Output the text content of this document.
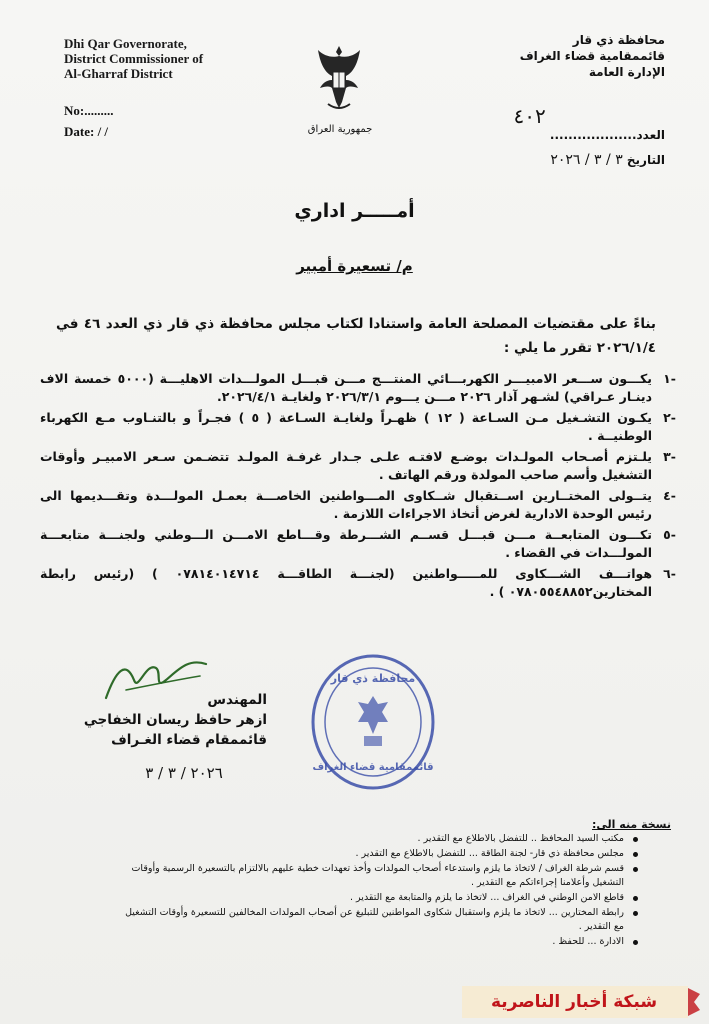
Dhi Qar Governorate,
District Commissioner of
Al-Gharraf District
No:.........
Date: / /	جمهورية العراق
محافظة ذي قار
قائممقامية قضاء الغراف
الإدارة العامة
العدد................... ٤٠٢
التاريخ ٣ / ٣ / ٢٠٢٦
أمـــــر اداري
م/ تسعيرة أمبير
بناءً على مقتضيات المصلحة العامة واستنادا لكتاب مجلس محافظة ذي قار ذي العدد ٤٦ في ٢٠٢٦/١/٤ تقرر ما يلي :
-١
يكـــون ســـعر الامبيـــر الكهربـــائي المنتـــج مـــن قبـــل المولـــدات الاهليـــة (٥٠٠٠ خمسة الاف دينـار عـراقي) لشـهر آذار ٢٠٢٦ مـــن يـــوم ٢٠٢٦/٣/١ ولغايـة ٢٠٢٦/٤/١.
-٢
يكـون التشـغيل مـن السـاعة ( ١٢ ) ظهـراً ولغايـة السـاعة ( ٥ ) فجـراً و بالتنـاوب مـع الكهرباء الوطنيــة .
-٣
يلـتزم أصـحاب المولـدات بوضـع لافتـه علـى جـدار غرفـة المولـد تتضـمن سـعر الامبيـر وأوقات التشغيل وأسم صاحب المولدة ورقم الهاتف .
-٤
يتــولى المختــارين اســتقبال شــكاوى المـــواطنين الخاصـــة بعمـل المولـــدة وتقـــديمها الى رئيس الوحدة الادارية لغرض أتخاذ الاجراءات اللازمة .
-٥
تكـــون المتابعــة مـــن قبـــل قســم الشـــرطة وقـــاطع الامـــن الـــوطني ولجنـــة متابعـــة المولـــدات في القضاء .
-٦
هواتـــف الشـــكاوى للمـــــواطنين (لجنـــة الطاقـــة ٠٧٨١٤٠١٤٧١٤ ) (رئيس رابطة المختارين٠٧٨٠٥٥٤٨٨٥٢ ) .
المهندس
ازهر حافظ ريسان الخفاجي
قائممقام قضاء الغـراف
٢٠٢٦ / ٣ / ٣
محافظة ذي قار
قائممقامية قضاء الغراف
نسخة منه الى:
مكتب السيد المحافظ .. للتفضل بالاطلاع مع التقدير .
مجلس محافظة ذي قار- لجنة الطاقة ... للتفضل بالاطلاع مع التقدير .
قسم شرطة الغراف / لاتخاذ ما يلزم واستدعاء أصحاب المولدات وأخذ تعهدات خطية عليهم بالالتزام بالتسعيرة الرسمية وأوقات التشغيل وأعلامنا إجراءاتكم مع التقدير .
قاطع الامن الوطني في الغراف ... لاتخاذ ما يلزم والمتابعة مع التقدير .
رابطة المختارين ... لاتخاذ ما يلزم واستقبال شكاوى المواطنين للتبليغ عن أصحاب المولدات المخالفين للتسعيرة وأوقات التشغيل مع التقدير .
الادارة ... للحفظ .
شبكة أخبار الناصرية
